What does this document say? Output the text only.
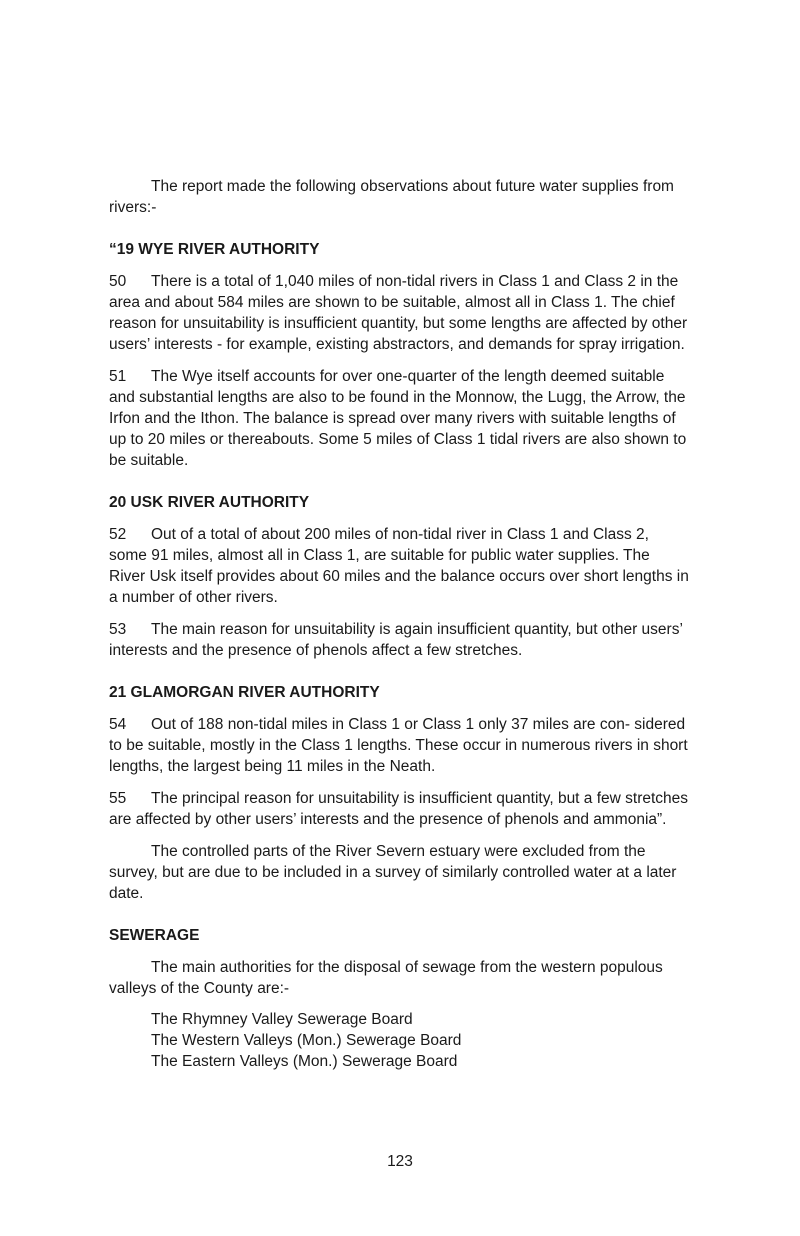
The report made the following observations about future water supplies from rivers:-

“19 WYE RIVER AUTHORITY

50 There is a total of 1,040 miles of non-tidal rivers in Class 1 and Class 2 in the area and about 584 miles are shown to be suitable, almost all in Class 1. The chief reason for unsuitability is insufficient quantity, but some lengths are affected by other users’ interests - for example, existing abstractors, and demands for spray irrigation.

51 The Wye itself accounts for over one-quarter of the length deemed suitable and substantial lengths are also to be found in the Monnow, the Lugg, the Arrow, the Irfon and the Ithon. The balance is spread over many rivers with suitable lengths of up to 20 miles or thereabouts. Some 5 miles of Class 1 tidal rivers are also shown to be suitable.

20 USK RIVER AUTHORITY

52 Out of a total of about 200 miles of non-tidal river in Class 1 and Class 2, some 91 miles, almost all in Class 1, are suitable for public water supplies. The River Usk itself provides about 60 miles and the balance occurs over short lengths in a number of other rivers.

53 The main reason for unsuitability is again insufficient quantity, but other users’ interests and the presence of phenols affect a few stretches.

21 GLAMORGAN RIVER AUTHORITY

54 Out of 188 non-tidal miles in Class 1 or Class 1 only 37 miles are con- sidered to be suitable, mostly in the Class 1 lengths. These occur in numerous rivers in short lengths, the largest being 11 miles in the Neath.

55 The principal reason for unsuitability is insufficient quantity, but a few stretches are affected by other users’ interests and the presence of phenols and ammonia”.

The controlled parts of the River Severn estuary were excluded from the survey, but are due to be included in a survey of similarly controlled water at a later date.

SEWERAGE

The main authorities for the disposal of sewage from the western populous valleys of the County are:-

The Rhymney Valley Sewerage Board
The Western Valleys (Mon.) Sewerage Board
The Eastern Valleys (Mon.) Sewerage Board
123
